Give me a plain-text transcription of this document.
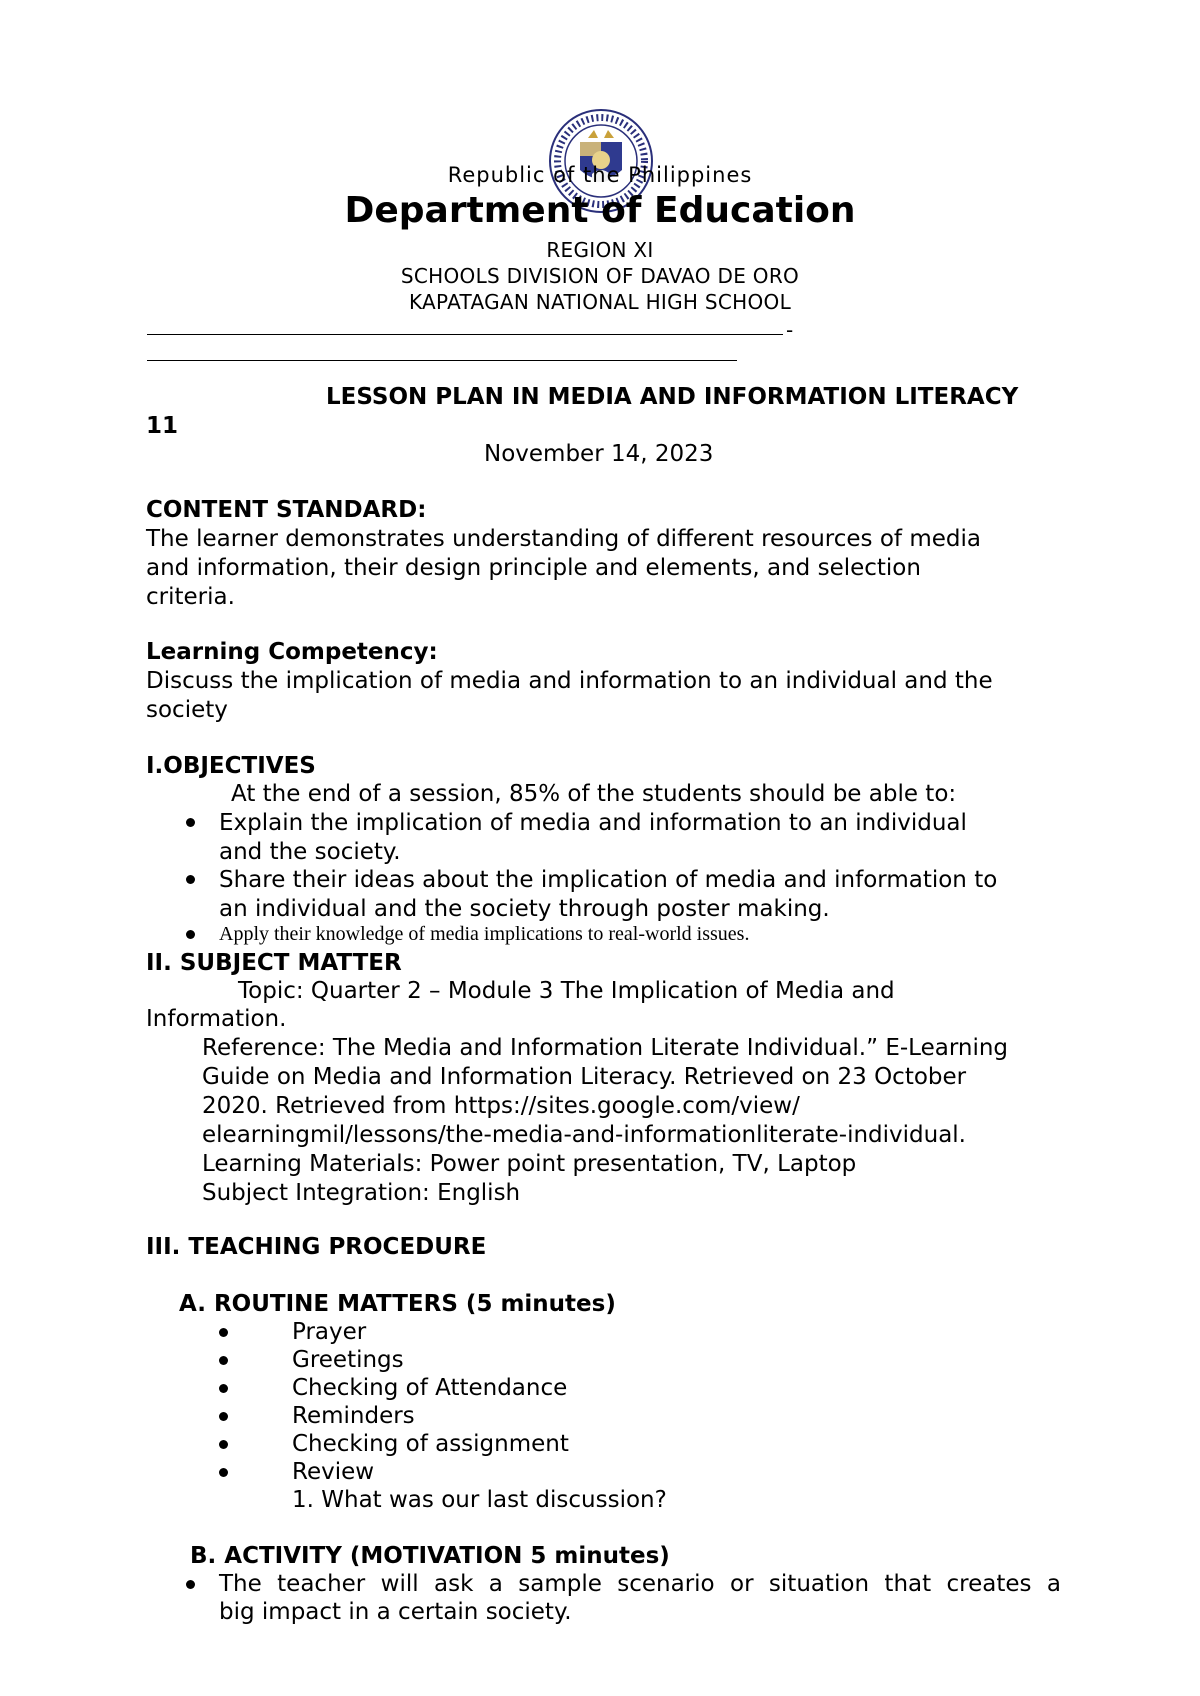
Republic of the Philippines
Department of Education
REGION XI
SCHOOLS DIVISION OF DAVAO DE ORO
KAPATAGAN NATIONAL HIGH SCHOOL
-
LESSON PLAN IN MEDIA AND INFORMATION LITERACY
11
November 14, 2023
CONTENT STANDARD:
The learner demonstrates understanding of different resources of media
and information, their design principle and elements, and selection
criteria.
Learning Competency:
Discuss the implication of media and information to an individual and the
society
I.OBJECTIVES
At the end of a session, 85% of the students should be able to:
Explain the implication of media and information to an individual
and the society.
Share their ideas about the implication of media and information to
an individual and the society through poster making.
Apply their knowledge of media implications to real-world issues.
II. SUBJECT MATTER
Topic: Quarter 2 – Module 3 The Implication of Media and
Information.
Reference: The Media and Information Literate Individual.” E-Learning
Guide on Media and Information Literacy. Retrieved on 23 October
2020. Retrieved from https://sites.google.com/view/
elearningmil/lessons/the-media-and-informationliterate-individual.
Learning Materials: Power point presentation, TV, Laptop
Subject Integration: English
III. TEACHING PROCEDURE
A. ROUTINE MATTERS (5 minutes)
Prayer
Greetings
Checking of Attendance
Reminders
Checking of assignment
Review
1. What was our last discussion?
B. ACTIVITY (MOTIVATION 5 minutes)
The teacher will ask a sample scenario or situation that creates a
big impact in a certain society.
